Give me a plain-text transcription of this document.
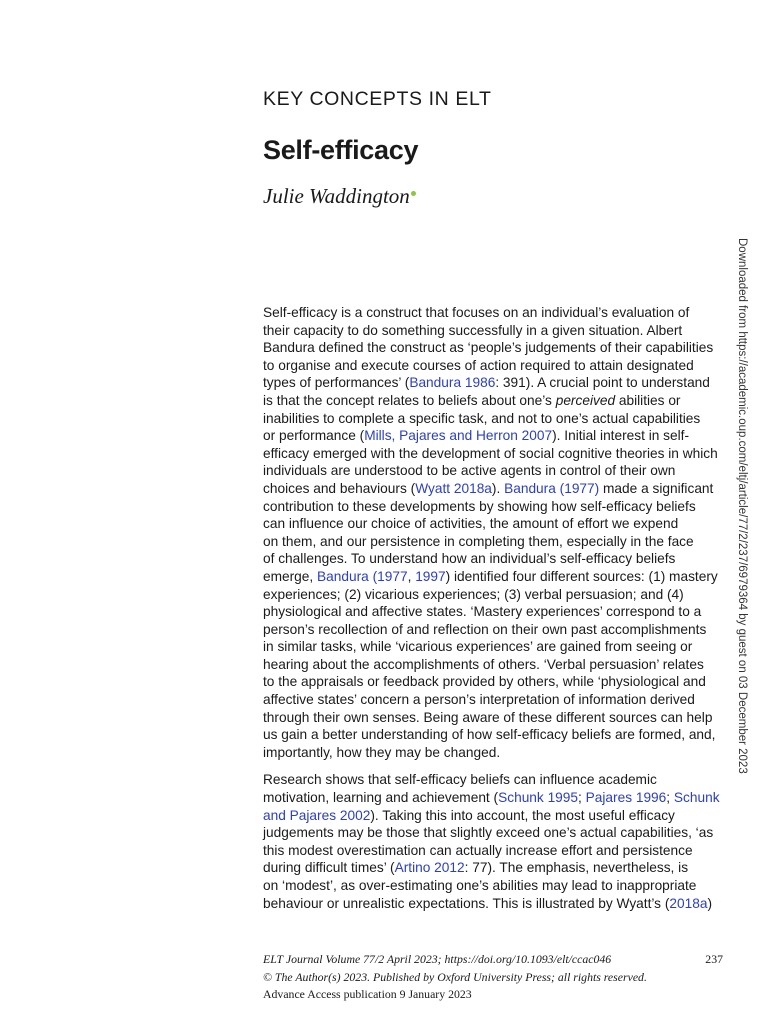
KEY CONCEPTS IN ELT
Self-efficacy
Julie Waddington
Downloaded from https://academic.oup.com/eltj/article/77/2/237/6979364 by guest on 03 December 2023

Self-efficacy is a construct that focuses on an individual’s evaluation of
their capacity to do something successfully in a given situation. Albert
Bandura defined the construct as ‘people’s judgements of their capabilities
to organise and execute courses of action required to attain designated
types of performances’ (Bandura 1986: 391). A crucial point to understand
is that the concept relates to beliefs about one’s perceived abilities or
inabilities to complete a specific task, and not to one’s actual capabilities
or performance (Mills, Pajares and Herron 2007). Initial interest in self-
efficacy emerged with the development of social cognitive theories in which
individuals are understood to be active agents in control of their own
choices and behaviours (Wyatt 2018a). Bandura (1977) made a significant
contribution to these developments by showing how self-efficacy beliefs
can influence our choice of activities, the amount of effort we expend
on them, and our persistence in completing them, especially in the face
of challenges. To understand how an individual’s self-efficacy beliefs
emerge, Bandura (1977, 1997) identified four different sources: (1) mastery
experiences; (2) vicarious experiences; (3) verbal persuasion; and (4)
physiological and affective states. ‘Mastery experiences’ correspond to a
person’s recollection of and reflection on their own past accomplishments
in similar tasks, while ‘vicarious experiences’ are gained from seeing or
hearing about the accomplishments of others. ‘Verbal persuasion’ relates
to the appraisals or feedback provided by others, while ‘physiological and
affective states’ concern a person’s interpretation of information derived
through their own senses. Being aware of these different sources can help
us gain a better understanding of how self-efficacy beliefs are formed, and,
importantly, how they may be changed.

Research shows that self-efficacy beliefs can influence academic
motivation, learning and achievement (Schunk 1995; Pajares 1996; Schunk
and Pajares 2002). Taking this into account, the most useful efficacy
judgements may be those that slightly exceed one’s actual capabilities, ‘as
this modest overestimation can actually increase effort and persistence
during difficult times’ (Artino 2012: 77). The emphasis, nevertheless, is
on ‘modest’, as over-estimating one’s abilities may lead to inappropriate
behaviour or unrealistic expectations. This is illustrated by Wyatt’s (2018a)

ELT Journal Volume 77/2 April 2023; https://doi.org/10.1093/elt/ccac046	237
© The Author(s) 2023. Published by Oxford University Press; all rights reserved.
Advance Access publication 9 January 2023
